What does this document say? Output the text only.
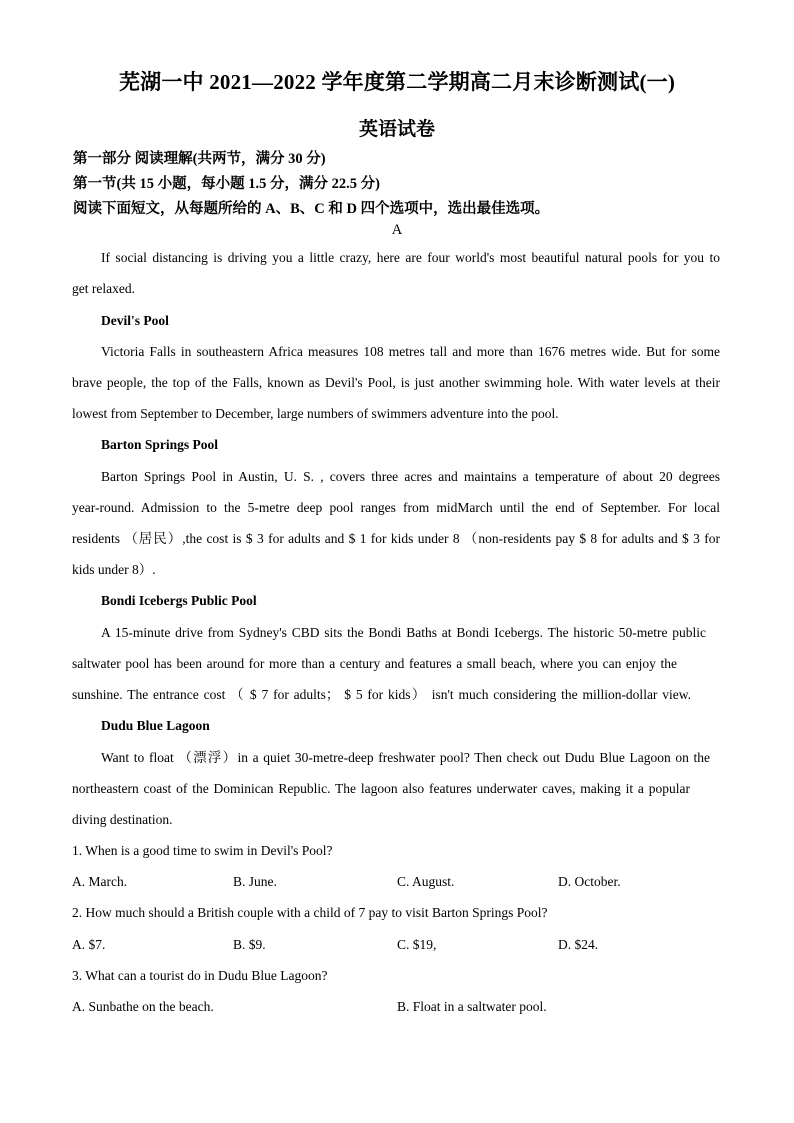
芜湖一中 2021—2022 学年度第二学期高二月末诊断测试(一)
英语试卷
第一部分 阅读理解(共两节，满分 30 分)
第一节(共 15 小题，每小题 1.5 分，满分 22.5 分)
阅读下面短文，从每题所给的 A、B、C 和 D 四个选项中，选出最佳选项。
A
If social distancing is driving you a little crazy, here are four world's most beautiful natural pools for you to
get relaxed.
Devil's Pool
Victoria Falls in southeastern Africa measures 108 metres tall and more than 1676 metres wide. But for some
brave people, the top of the Falls, known as Devil's Pool, is just another swimming hole. With water levels at their
lowest from September to December, large numbers of swimmers adventure into the pool.
Barton Springs Pool
Barton Springs Pool in Austin, U. S. , covers three acres and maintains a temperature of about 20 degrees
year-round. Admission to the 5-metre deep pool ranges from midMarch until the end of September. For local
residents （居民）,the cost is $ 3 for adults and $ 1 for kids under 8 （non-residents pay $ 8 for adults and $ 3 for
kids under 8）.
Bondi Icebergs Public Pool
A 15-minute drive from Sydney's CBD sits the Bondi Baths at Bondi Icebergs. The historic 50-metre public
saltwater pool has been around for more than a century and features a small beach, where you can enjoy the
sunshine. The entrance cost （ $ 7 for adults； $ 5 for kids） isn't much considering the million-dollar view.
Dudu Blue Lagoon
Want to float （漂浮）in a quiet 30-metre-deep freshwater pool? Then check out Dudu Blue Lagoon on the
northeastern coast of the Dominican Republic. The lagoon also features underwater caves, making it a popular
diving destination.
1. When is a good time to swim in Devil's Pool?
A. March.	B. June.	C. August.	D. October.
2. How much should a British couple with a child of 7 pay to visit Barton Springs Pool?
A. $7.	B. $9.	C. $19,	D. $24.
3. What can a tourist do in Dudu Blue Lagoon?
A. Sunbathe on the beach.	B. Float in a saltwater pool.
